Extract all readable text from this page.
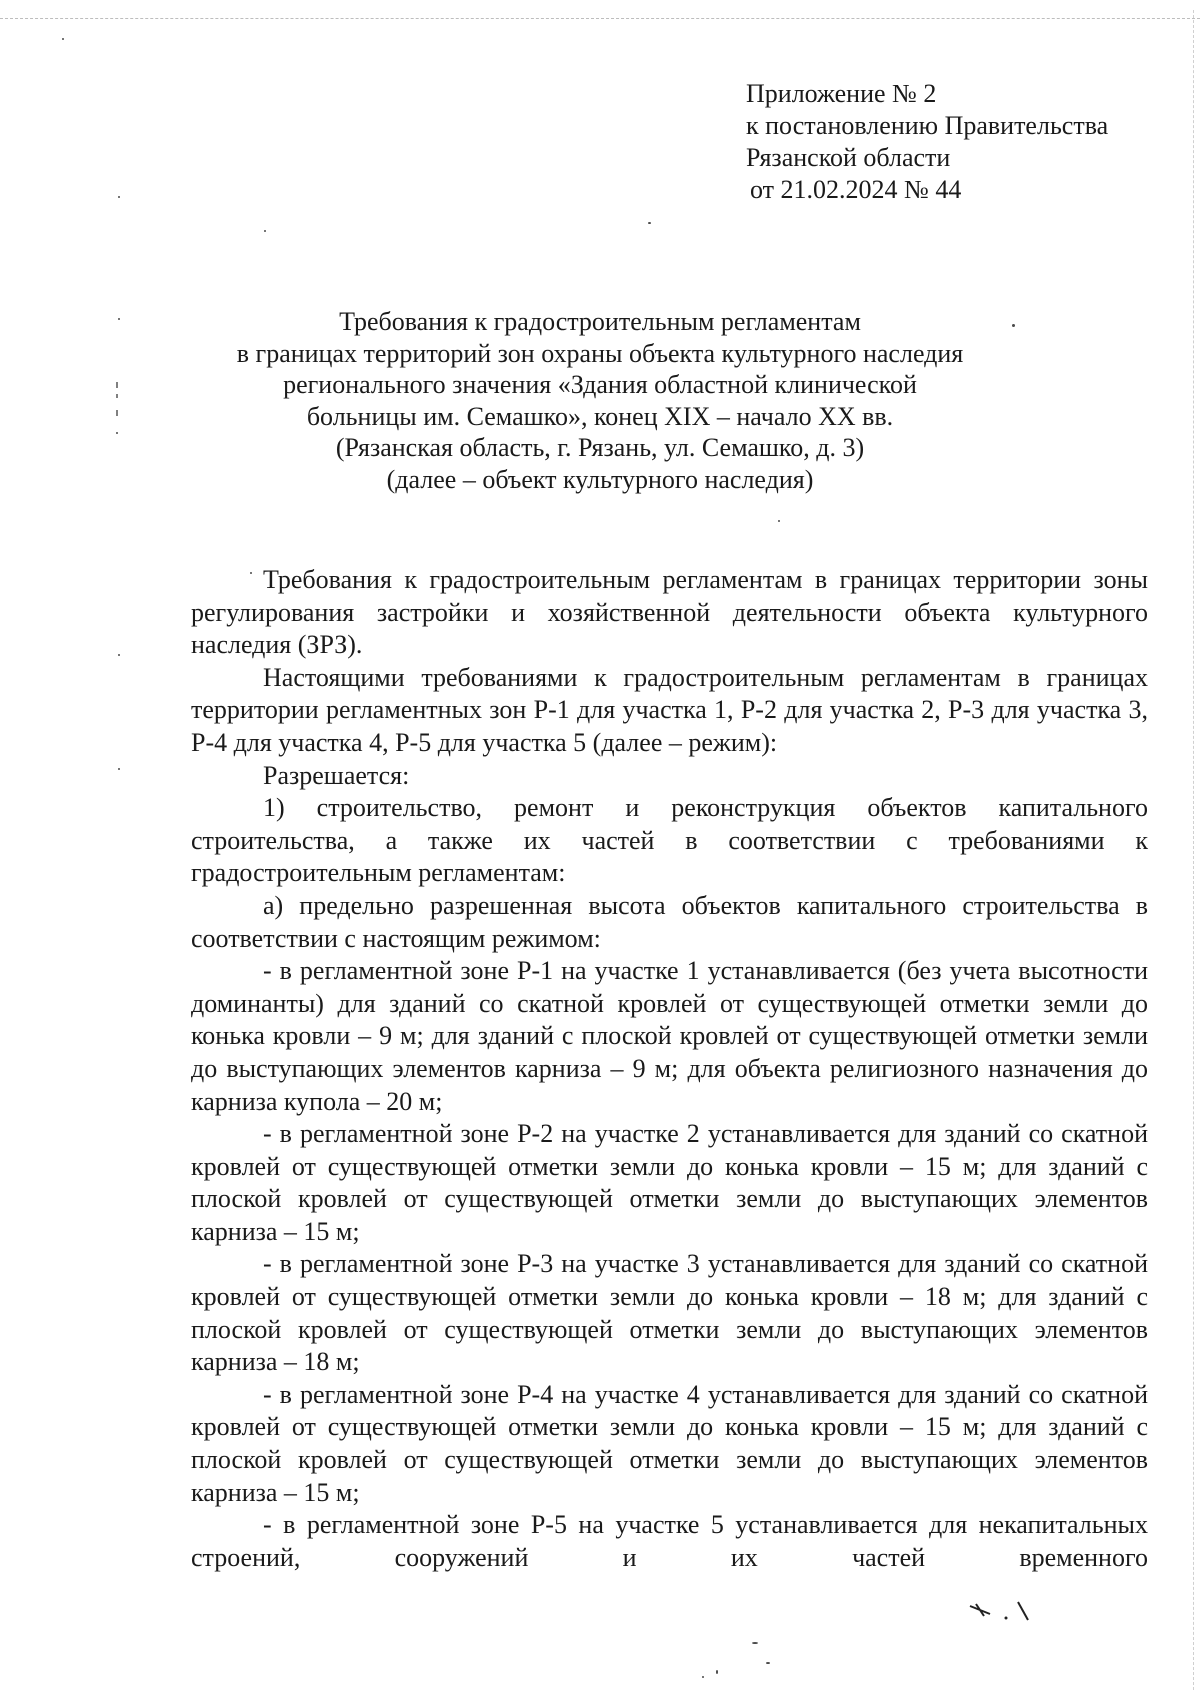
Приложение № 2
к постановлению Правительства
Рязанской области
от 21.02.2024 № 44
Требования к градостроительным регламентам
в границах территорий зон охраны объекта культурного наследия
регионального значения «Здания областной клинической
больницы им. Семашко», конец XIX – начало XX вв.
(Рязанская область, г. Рязань, ул. Семашко, д. 3)
(далее – объект культурного наследия)

Требования к градостроительным регламентам в границах территории зоны регулирования застройки и хозяйственной деятельности объекта культурного наследия (ЗРЗ).

Настоящими требованиями к градостроительным регламентам в границах территории регламентных зон Р-1 для участка 1, Р-2 для участка 2, Р-3 для участка 3, Р-4 для участка 4, Р-5 для участка 5 (далее – режим):

Разрешается:

1) строительство, ремонт и реконструкция объектов капитального строительства, а также их частей в соответствии с требованиями к градостроительным регламентам:

а) предельно разрешенная высота объектов капитального строительства в соответствии с настоящим режимом:

- в регламентной зоне Р-1 на участке 1 устанавливается (без учета высотности доминанты) для зданий со скатной кровлей от существующей отметки земли до конька кровли – 9 м; для зданий с плоской кровлей от существующей отметки земли до выступающих элементов карниза – 9 м; для объекта религиозного назначения до карниза купола – 20 м;

- в регламентной зоне Р-2 на участке 2 устанавливается для зданий со скатной кровлей от существующей отметки земли до конька кровли – 15 м; для зданий с плоской кровлей от существующей отметки земли до выступающих элементов карниза – 15 м;

- в регламентной зоне Р-3 на участке 3 устанавливается для зданий со скатной кровлей от существующей отметки земли до конька кровли – 18 м; для зданий с плоской кровлей от существующей отметки земли до выступающих элементов карниза – 18 м;

- в регламентной зоне Р-4 на участке 4 устанавливается для зданий со скатной кровлей от существующей отметки земли до конька кровли – 15 м; для зданий с плоской кровлей от существующей отметки земли до выступающих элементов карниза – 15 м;

- в регламентной зоне Р-5 на участке 5 устанавливается для некапитальных строений, сооружений и их частей временного
